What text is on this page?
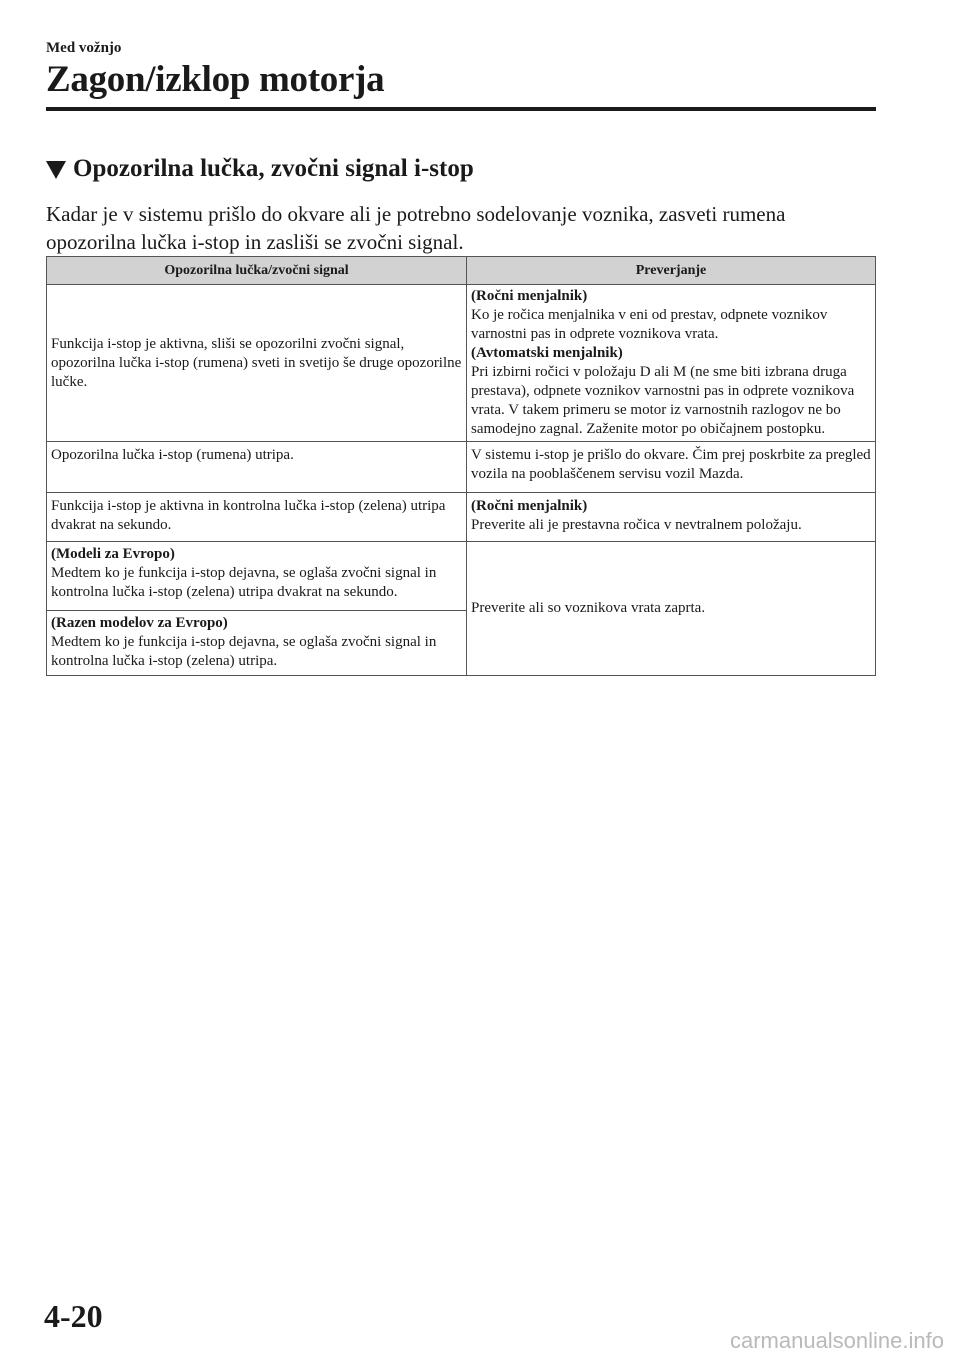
Med vožnjo

Zagon/izklop motorja
Opozorilna lučka, zvočni signal i-stop

Kadar je v sistemu prišlo do okvare ali je potrebno sodelovanje voznika, zasveti rumena opozorilna lučka i-stop in zasliši se zvočni signal.

Opozorilna lučka/zvočni signal	Preverjanje
Funkcija i-stop je aktivna, sliši se opozorilni zvočni signal, opozorilna lučka i-stop (rumena) sveti in svetijo še druge opozorilne lučke.	(Ročni menjalnik)
Ko je ročica menjalnika v eni od prestav, odpnete voznikov varnostni pas in odprete voznikova vrata.
(Avtomatski menjalnik)
Pri izbirni ročici v položaju D ali M (ne sme biti izbrana druga prestava), odpnete voznikov varnostni pas in odprete voznikova vrata. V takem primeru se motor iz varnostnih razlogov ne bo samodejno zagnal. Zaženite motor po običajnem postopku.

Opozorilna lučka i-stop (rumena) utripa.	V sistemu i-stop je prišlo do okvare. Čim prej poskrbite za pregled vozila na pooblaščenem servisu vozil Mazda.
Funkcija i-stop je aktivna in kontrolna lučka i-stop (zelena) utripa dvakrat na sekundo.	(Ročni menjalnik)
Preverite ali je prestavna ročica v nevtralnem položaju.

(Modeli za Evropo)
Medtem ko je funkcija i-stop dejavna, se oglaša zvočni signal in kontrolna lučka i-stop (zelena) utripa dvakrat na sekundo.	Preverite ali so voznikova vrata zaprta.

(Razen modelov za Evropo)
Medtem ko je funkcija i-stop dejavna, se oglaša zvočni signal in kontrolna lučka i-stop (zelena) utripa.	

4-20

carmanualsonline.info
